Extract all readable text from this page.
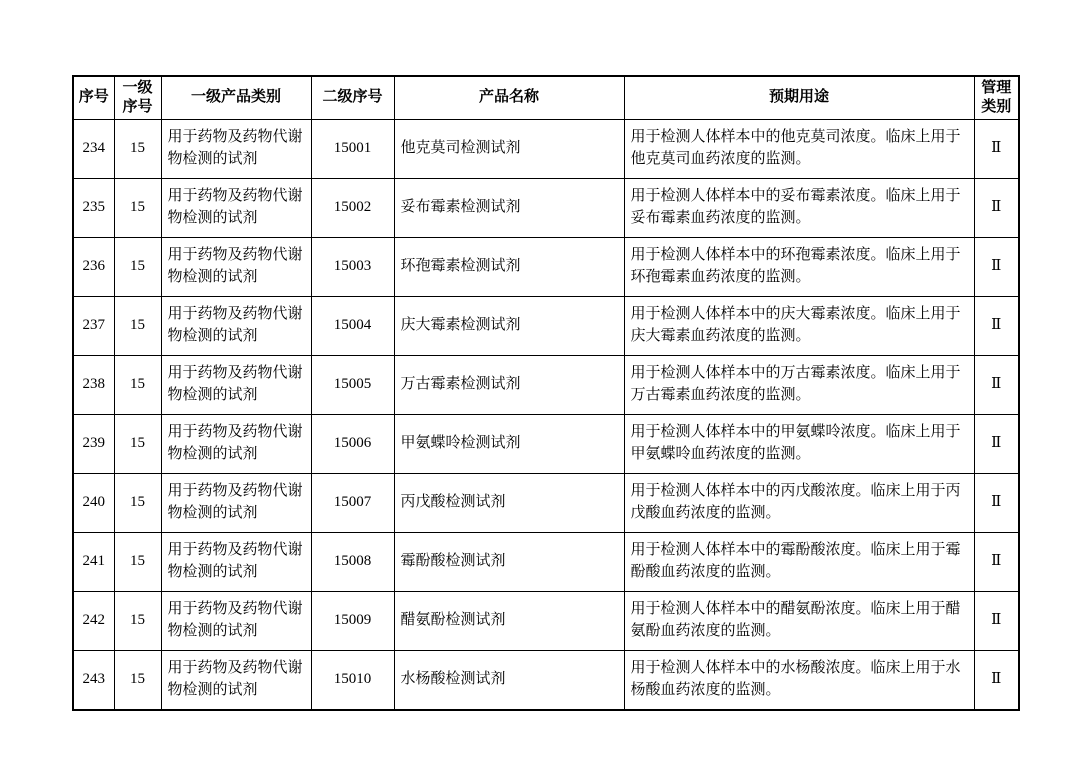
序号	一级序号	一级产品类别	二级序号	产品名称	预期用途	管理类别
234	15	用于药物及药物代谢物检测的试剂	15001	他克莫司检测试剂	用于检测人体样本中的他克莫司浓度。临床上用于他克莫司血药浓度的监测。	Ⅱ
235	15	用于药物及药物代谢物检测的试剂	15002	妥布霉素检测试剂	用于检测人体样本中的妥布霉素浓度。临床上用于妥布霉素血药浓度的监测。	Ⅱ
236	15	用于药物及药物代谢物检测的试剂	15003	环孢霉素检测试剂	用于检测人体样本中的环孢霉素浓度。临床上用于环孢霉素血药浓度的监测。	Ⅱ
237	15	用于药物及药物代谢物检测的试剂	15004	庆大霉素检测试剂	用于检测人体样本中的庆大霉素浓度。临床上用于庆大霉素血药浓度的监测。	Ⅱ
238	15	用于药物及药物代谢物检测的试剂	15005	万古霉素检测试剂	用于检测人体样本中的万古霉素浓度。临床上用于万古霉素血药浓度的监测。	Ⅱ
239	15	用于药物及药物代谢物检测的试剂	15006	甲氨蝶呤检测试剂	用于检测人体样本中的甲氨蝶呤浓度。临床上用于甲氨蝶呤血药浓度的监测。	Ⅱ
240	15	用于药物及药物代谢物检测的试剂	15007	丙戊酸检测试剂	用于检测人体样本中的丙戊酸浓度。临床上用于丙戊酸血药浓度的监测。	Ⅱ
241	15	用于药物及药物代谢物检测的试剂	15008	霉酚酸检测试剂	用于检测人体样本中的霉酚酸浓度。临床上用于霉酚酸血药浓度的监测。	Ⅱ
242	15	用于药物及药物代谢物检测的试剂	15009	醋氨酚检测试剂	用于检测人体样本中的醋氨酚浓度。临床上用于醋氨酚血药浓度的监测。	Ⅱ
243	15	用于药物及药物代谢物检测的试剂	15010	水杨酸检测试剂	用于检测人体样本中的水杨酸浓度。临床上用于水杨酸血药浓度的监测。	Ⅱ
